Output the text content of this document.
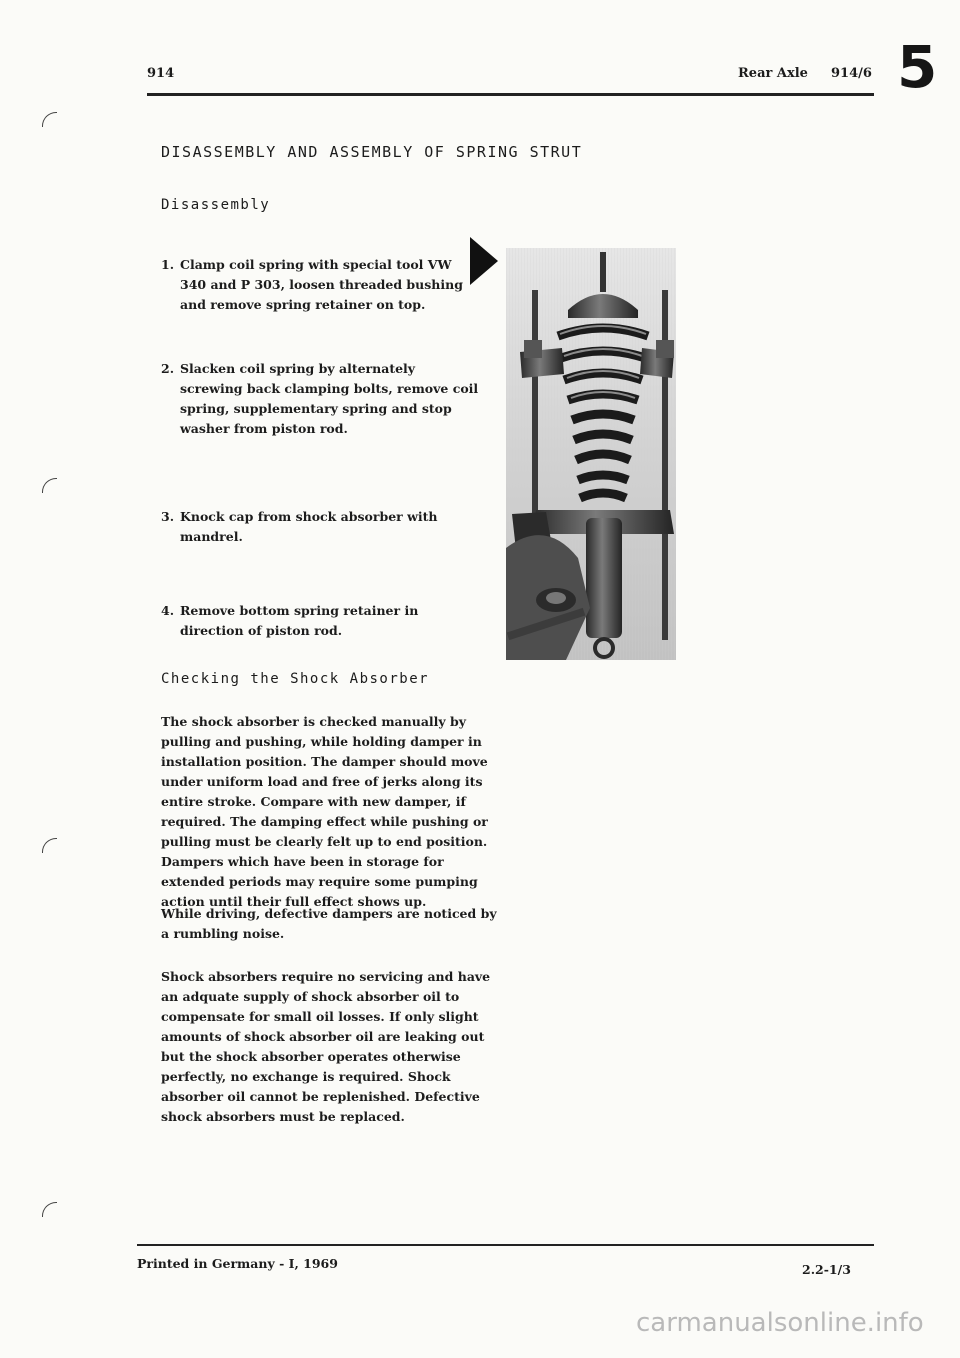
914	Rear Axle 914/6 5
DISASSEMBLY AND ASSEMBLY OF SPRING STRUT
Disassembly
1. Clamp coil spring with special tool VW 340 and P 303, loosen threaded bushing and remove spring retainer on top.
2. Slacken coil spring by alternately screwing back clamping bolts, remove coil spring, supplementary spring and stop washer from piston rod.
3. Knock cap from shock absorber with mandrel.
4. Remove bottom spring retainer in direction of piston rod.
Checking the Shock Absorber
The shock absorber is checked manually by pulling and pushing, while holding damper in installation position. The damper should move under uniform load and free of jerks along its entire stroke. Compare with new damper, if required. The damping effect while pushing or pulling must be clearly felt up to end position. Dampers which have been in storage for extended periods may require some pumping action until their full effect shows up.
While driving, defective dampers are noticed by a rumbling noise.
Shock absorbers require no servicing and have an adquate supply of shock absorber oil to compensate for small oil losses. If only slight amounts of shock absorber oil are leaking out but the shock absorber operates otherwise perfectly, no exchange is required. Shock absorber oil cannot be replenished. Defective shock absorbers must be replaced.
Printed in Germany - I, 1969	2.2-1/3
carmanualsonline.info
